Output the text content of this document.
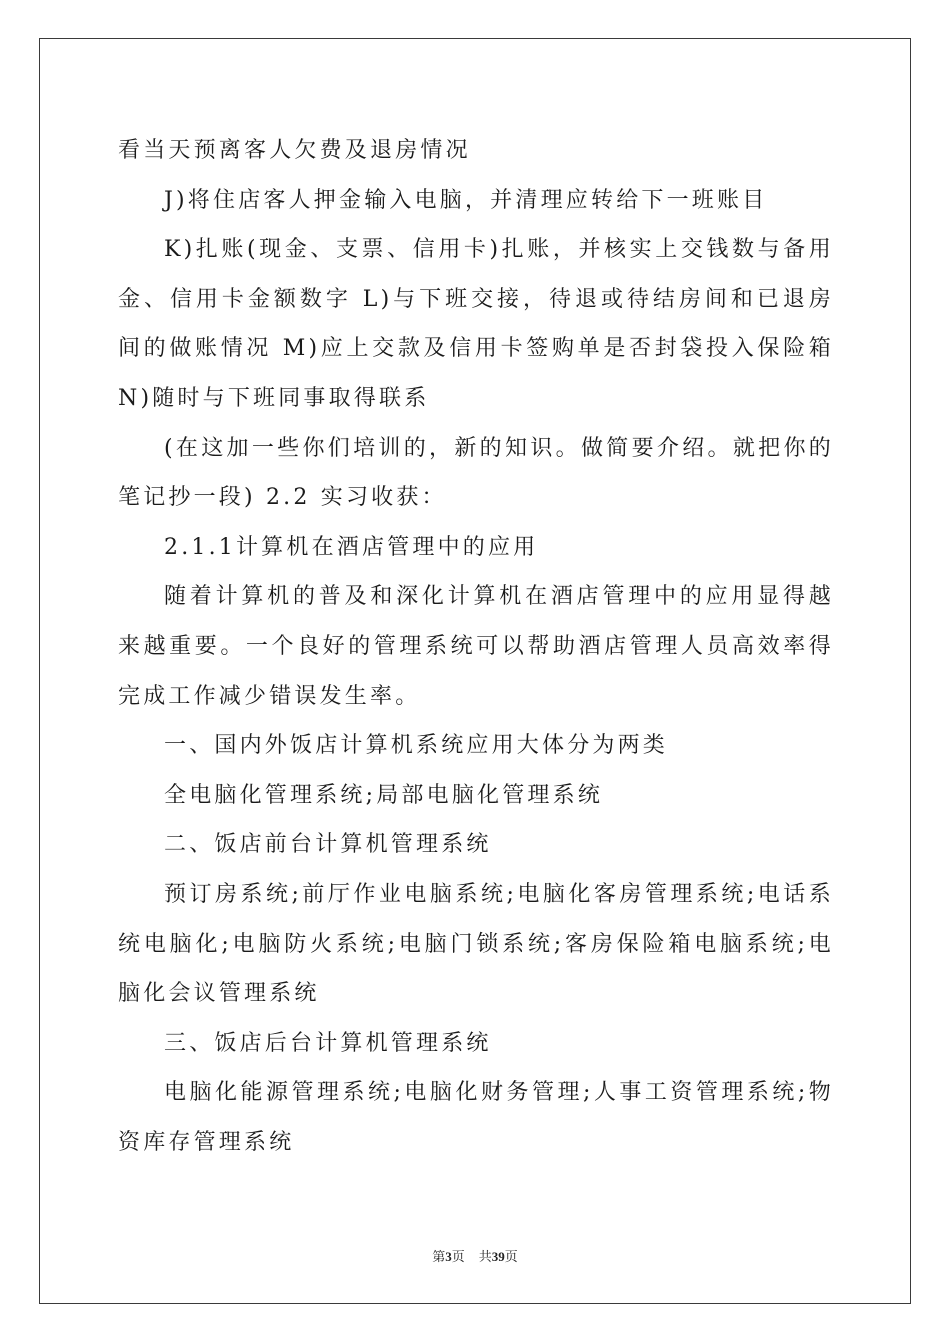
看当天预离客人欠费及退房情况

J)将住店客人押金输入电脑，并清理应转给下一班账目

K)扎账(现金、支票、信用卡)扎账，并核实上交钱数与备用金、信用卡金额数字 L)与下班交接，待退或待结房间和已退房间的做账情况 M)应上交款及信用卡签购单是否封袋投入保险箱 N)随时与下班同事取得联系

(在这加一些你们培训的，新的知识。做简要介绍。就把你的笔记抄一段) 2.2 实习收获：

2.1.1计算机在酒店管理中的应用

随着计算机的普及和深化计算机在酒店管理中的应用显得越来越重要。一个良好的管理系统可以帮助酒店管理人员高效率得完成工作减少错误发生率。

一、国内外饭店计算机系统应用大体分为两类

全电脑化管理系统;局部电脑化管理系统

二、饭店前台计算机管理系统

预订房系统;前厅作业电脑系统;电脑化客房管理系统;电话系统电脑化;电脑防火系统;电脑门锁系统;客房保险箱电脑系统;电脑化会议管理系统

三、饭店后台计算机管理系统

电脑化能源管理系统;电脑化财务管理;人事工资管理系统;物资库存管理系统

第3页 共39页
